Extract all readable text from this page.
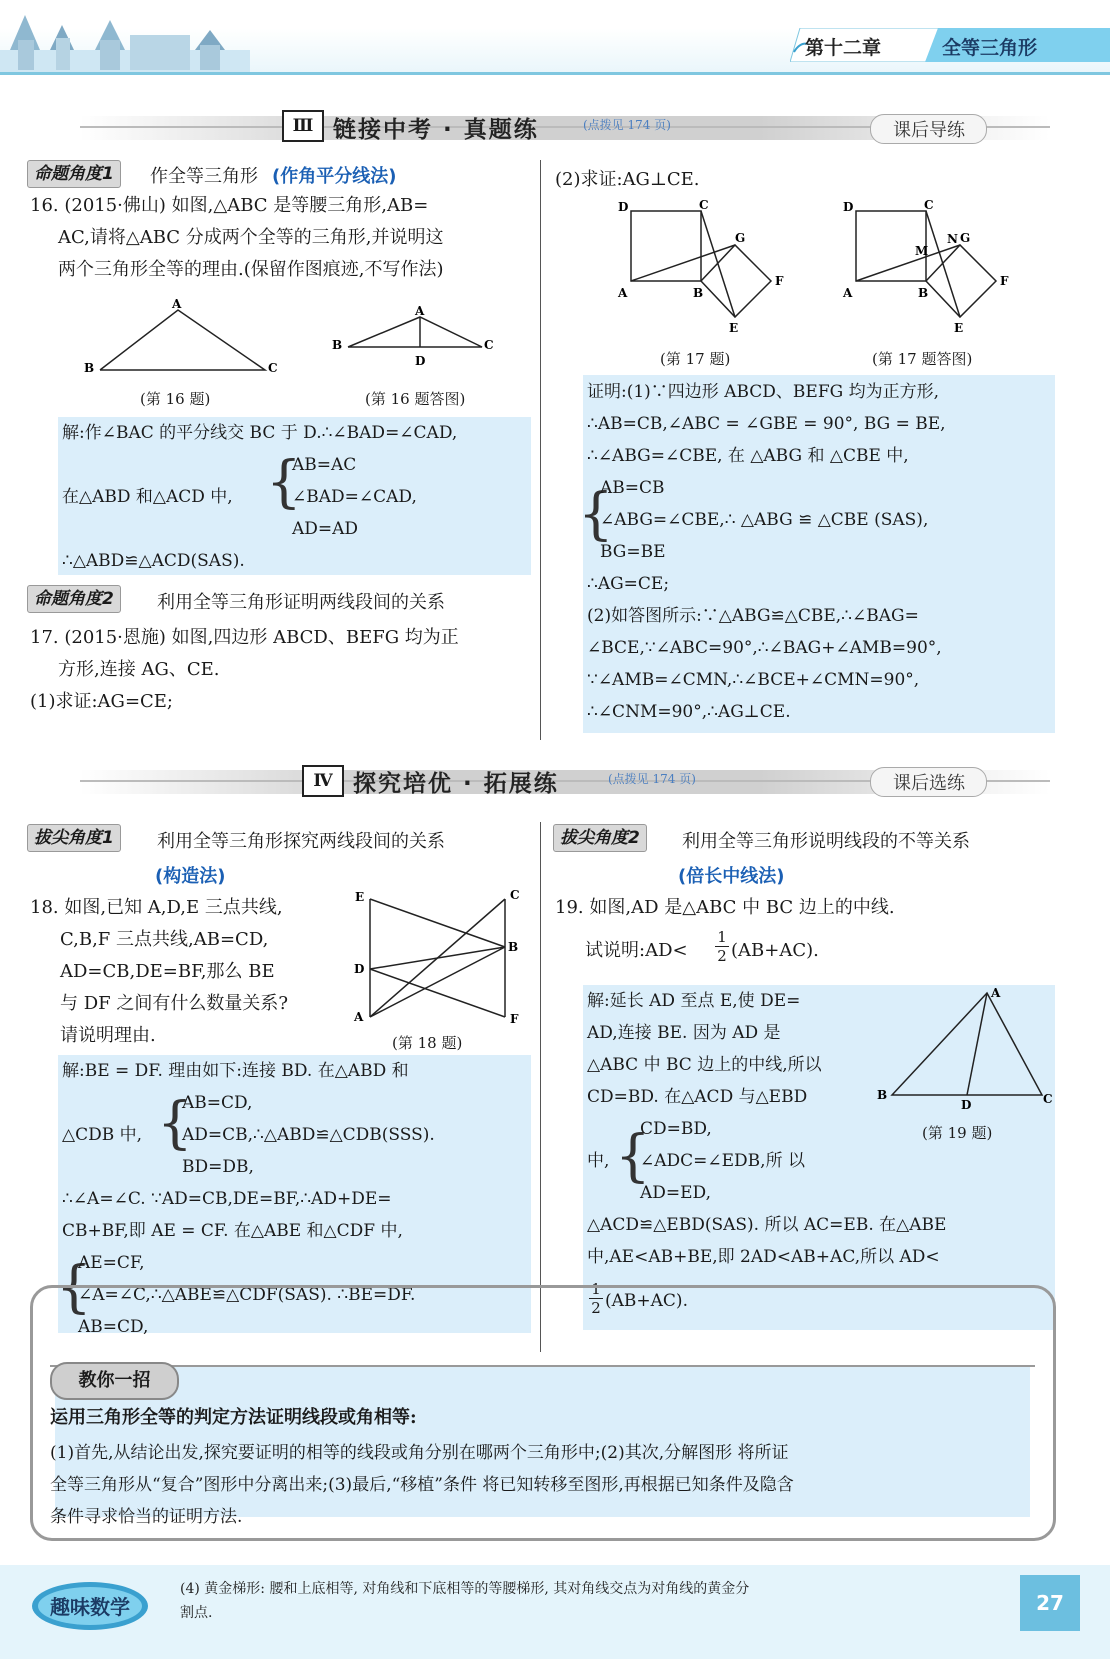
第十二章	全等三角形
Ⅲ 链接中考 · 真题练	(点拨见 174 页)	课后导练
命题角度1	作全等三角形 (作角平分线法)
16. (2015·佛山) 如图,△ABC 是等腰三角形,AB=
AC,请将△ABC 分成两个全等的三角形,并说明这
两个三角形全等的理由.(保留作图痕迹,不写作法)
A
B	C
(第 16 题)
A
B	C
D
(第 16 题答图)
解:作∠BAC 的平分线交 BC 于 D.∴∠BAD=∠CAD,
在△ABD 和△ACD 中, {
AB=AC
∠BAD=∠CAD,
AD=AD
∴△ABD≌△ACD(SAS).
命题角度2	利用全等三角形证明两线段间的关系
17. (2015·恩施) 如图,四边形 ABCD、BEFG 均为正
方形,连接 AG、CE.
(1)求证:AG=CE;
(2)求证:AG⊥CE.
D	C
A	B
G
F
E
(第 17 题)
D	C
A	B
G
F
E
M
N
(第 17 题答图)
证明:(1)∵四边形 ABCD、BEFG 均为正方形,
∴AB=CB,∠ABC = ∠GBE = 90°, BG = BE,
∴∠ABG=∠CBE, 在 △ABG 和 △CBE 中,
{
AB=CB
∠ABG=∠CBE,∴ △ABG ≌ △CBE (SAS),
BG=BE
∴AG=CE;
(2)如答图所示:∵△ABG≌△CBE,∴∠BAG=
∠BCE,∵∠ABC=90°,∴∠BAG+∠AMB=90°,
∵∠AMB=∠CMN,∴∠BCE+∠CMN=90°,
∴∠CNM=90°,∴AG⊥CE.
Ⅳ 探究培优 · 拓展练	(点拨见 174 页)	课后选练
拔尖角度1	利用全等三角形探究两线段间的关系
(构造法)
18. 如图,已知 A,D,E 三点共线,
C,B,F 三点共线,AB=CD,
AD=CB,DE=BF,那么 BE
与 DF 之间有什么数量关系?
请说明理由.
E
D
A
C
B
F
(第 18 题)
解:BE = DF. 理由如下:连接 BD. 在△ABD 和
△CDB 中, {
AB=CD,
AD=CB,∴△ABD≌△CDB(SSS).
BD=DB,
∴∠A=∠C. ∵AD=CB,DE=BF,∴AD+DE=
CB+BF,即 AE = CF. 在△ABE 和△CDF 中,
{
AE=CF,
∠A=∠C,∴△ABE≌△CDF(SAS). ∴BE=DF.
AB=CD,
拔尖角度2	利用全等三角形说明线段的不等关系
(倍长中线法)
19. 如图,AD 是△ABC 中 BC 边上的中线.
试说明:AD< $\frac{1}{2} (AB+AC)$.
解:延长 AD 至点 E,使 DE=
AD,连接 BE. 因为 AD 是
△ABC 中 BC 边上的中线,所以
CD=BD. 在△ACD 与△EBD
A
B	C
D
(第 19 题)
中, {
CD=BD,
∠ADC=∠EDB,所 以
AD=ED,
△ACD≌△EBD(SAS). 所以 AC=EB. 在△ABE
中,AE<AB+BE,即 2AD<AB+AC,所以 AD<
$\frac{1}{2} (AB+AC)$.
教你一招
运用三角形全等的判定方法证明线段或角相等:
(1)首先,从结论出发,探究要证明的相等的线段或角分别在哪两个三角形中;(2)其次,分解图形 将所证
全等三角形从“复合”图形中分离出来;(3)最后,“移植”条件 将已知转移至图形,再根据已知条件及隐含
条件寻求恰当的证明方法.
趣味数学
(4) 黄金梯形: 腰和上底相等, 对角线和下底相等的等腰梯形, 其对角线交点为对角线的黄金分
割点.	27
